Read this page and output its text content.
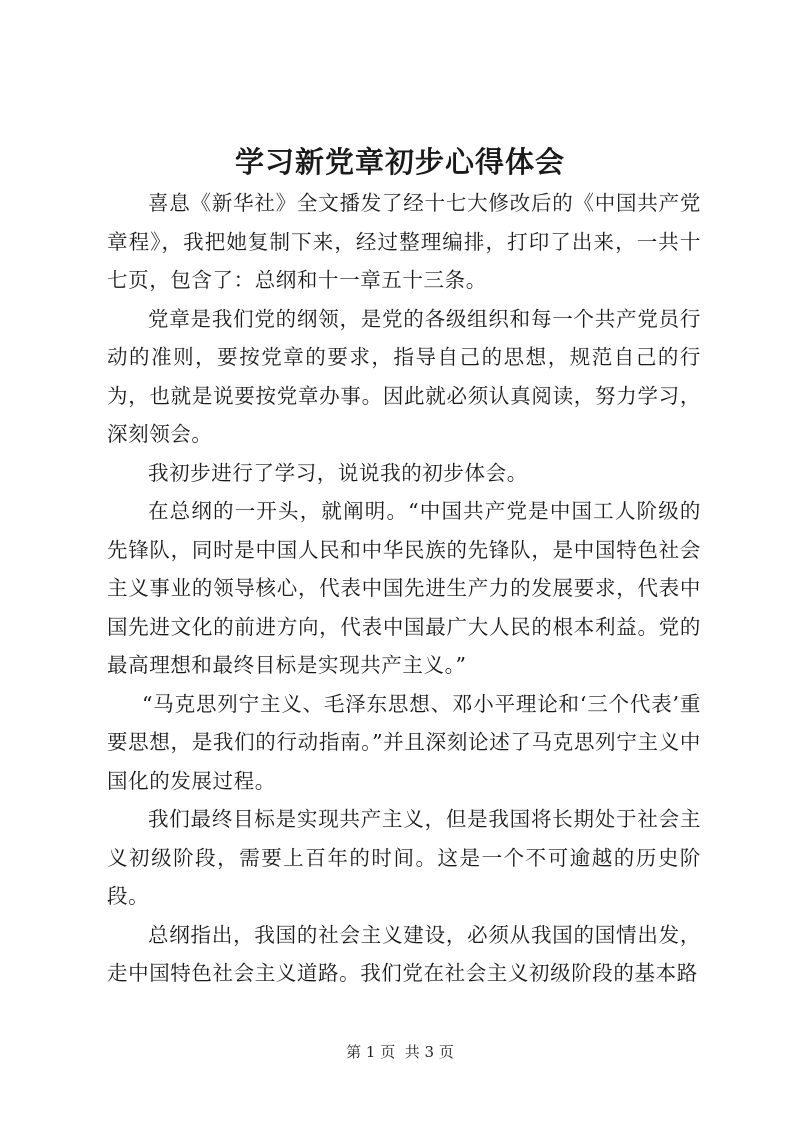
学习新党章初步心得体会

喜息《新华社》全文播发了经十七大修改后的《中国共产党章程》，我把她复制下来，经过整理编排，打印了出来，一共十七页，包含了：总纲和十一章五十三条。

党章是我们党的纲领，是党的各级组织和每一个共产党员行动的准则，要按党章的要求，指导自己的思想，规范自己的行为，也就是说要按党章办事。因此就必须认真阅读，努力学习，深刻领会。

我初步进行了学习，说说我的初步体会。

在总纲的一开头，就阐明。“中国共产党是中国工人阶级的先锋队，同时是中国人民和中华民族的先锋队，是中国特色社会主义事业的领导核心，代表中国先进生产力的发展要求，代表中国先进文化的前进方向，代表中国最广大人民的根本利益。党的最高理想和最终目标是实现共产主义。”

“马克思列宁主义、毛泽东思想、邓小平理论和‘三个代表’重要思想，是我们的行动指南。”并且深刻论述了马克思列宁主义中国化的发展过程。

我们最终目标是实现共产主义，但是我国将长期处于社会主义初级阶段，需要上百年的时间。这是一个不可逾越的历史阶段。

总纲指出，我国的社会主义建设，必须从我国的国情出发，走中国特色社会主义道路。我们党在社会主义初级阶段的基本路

第 1 页  共 3 页
